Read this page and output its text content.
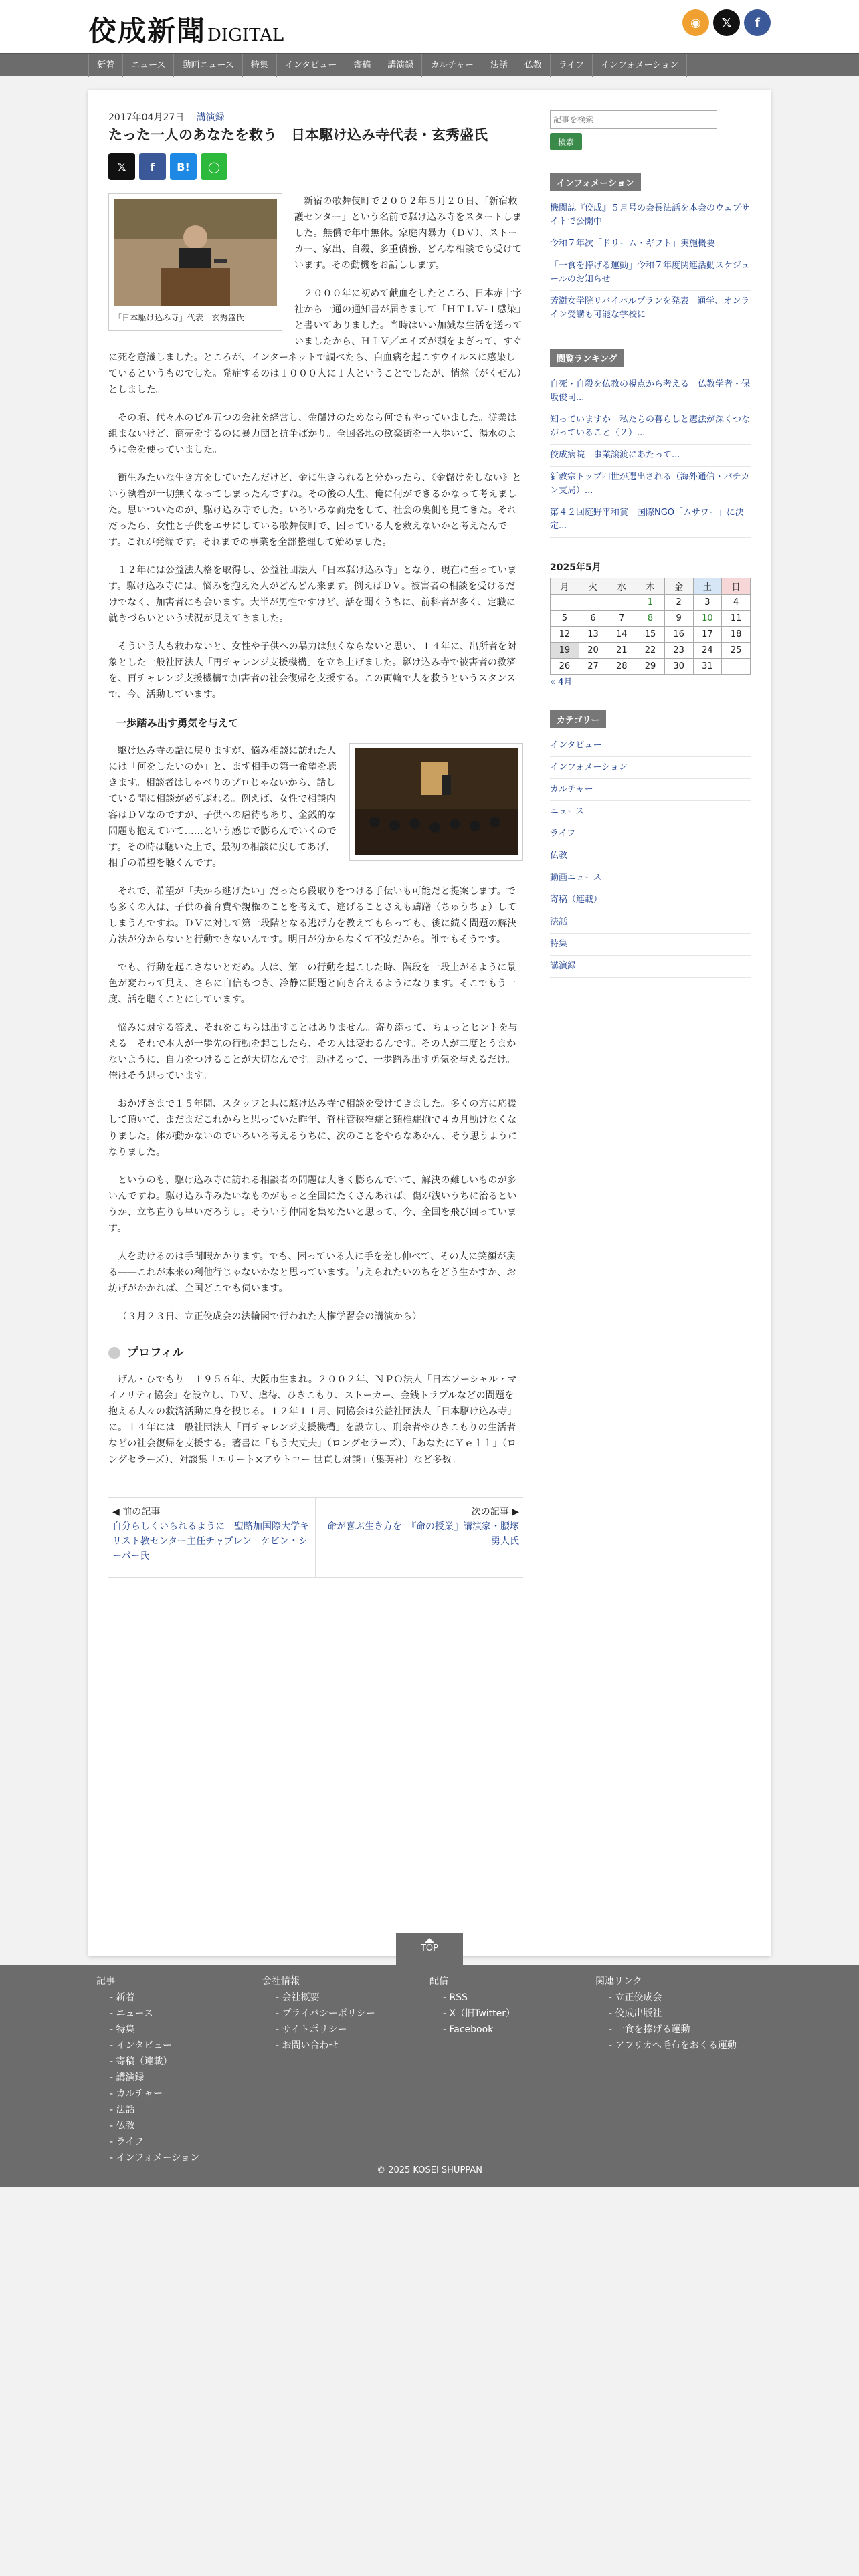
佼成新聞 DIGITAL
◉	𝕏	f
新着	ニュース	動画ニュース	特集	インタビュー	寄稿	講演録	カルチャー	法話	仏教	ライフ	インフォメーション
2017年04月27日 講演録
たった一人のあなたを救う　日本駆け込み寺代表・玄秀盛氏
𝕏	f	B!	◯
「日本駆け込み寺」代表　玄秀盛氏

新宿の歌舞伎町で２００２年５月２０日、「新宿救護センター」という名前で駆け込み寺をスタートしました。無償で年中無休。家庭内暴力（ＤＶ）、ストーカー、家出、自殺、多重債務、どんな相談でも受けています。その動機をお話しします。

２０００年に初めて献血をしたところ、日本赤十字社から一通の通知書が届きまして「ＨＴＬＶ-１感染」と書いてありました。当時はいい加減な生活を送っていましたから、ＨＩＶ／エイズが頭をよぎって、すぐに死を意識しました。ところが、インターネットで調べたら、白血病を起こすウイルスに感染しているというものでした。発症するのは１０００人に１人ということでしたが、悄然（がくぜん）としました。

その頃、代々木のビル五つの会社を経営し、金儲けのためなら何でもやっていました。従業は組まないけど、商売をするのに暴力団と抗争ばかり。全国各地の歓楽街を一人歩いて、湯水のように金を使っていました。

衝生みたいな生き方をしていたんだけど、金に生きられると分かったら、《金儲けをしない》という執着が一切無くなってしまったんですね。その後の人生、俺に何ができるかなって考えました。思いついたのが、駆け込み寺でした。いろいろな商売をして、社会の裏側も見てきた。それだったら、女性と子供をエサにしている歌舞伎町で、困っている人を救えないかと考えたんです。これが発端です。それまでの事業を全部整理して始めました。

１２年には公益法人格を取得し、公益社団法人「日本駆け込み寺」となり、現在に至っています。駆け込み寺には、悩みを抱えた人がどんどん来ます。例えばＤＶ。被害者の相談を受けるだけでなく、加害者にも会います。大半が男性ですけど、話を聞くうちに、前科者が多く、定職に就きづらいという状況が見えてきました。

そういう人も救わないと、女性や子供への暴力は無くならないと思い、１４年に、出所者を対象とした一般社団法人「再チャレンジ支援機構」を立ち上げました。駆け込み寺で被害者の救済を、再チャレンジ支援機構で加害者の社会復帰を支援する。この両輪で人を救うというスタンスで、今、活動しています。

一歩踏み出す勇気を与えて

駆け込み寺の話に戻りますが、悩み相談に訪れた人には「何をしたいのか」と、まず相手の第一希望を聴きます。相談者はしゃべりのプロじゃないから、話している間に相談が必ずぶれる。例えば、女性で相談内容はＤＶなのですが、子供への虐待もあり、金銭的な問題も抱えていて……という感じで膨らんでいくのです。その時は聴いた上で、最初の相談に戻してあげ、相手の希望を聴くんです。

それで、希望が「夫から逃げたい」だったら段取りをつける手伝いも可能だと提案します。でも多くの人は、子供の養育費や親権のことを考えて、逃げることさえも躊躇（ちゅうちょ）してしまうんですね。ＤＶに対して第一段階となる逃げ方を教えてもらっても、後に続く問題の解決方法が分からないと行動できないんです。明日が分からなくて不安だから。誰でもそうです。

でも、行動を起こさないとだめ。人は、第一の行動を起こした時、階段を一段上がるように景色が変わって見え、さらに自信もつき、冷静に問題と向き合えるようになります。そこでもう一度、話を聴くことにしています。

悩みに対する答え、それをこちらは出すことはありません。寄り添って、ちょっとヒントを与える。それで本人が一歩先の行動を起こしたら、その人は変わるんです。その人が二度とうまかないように、自力をつけることが大切なんです。助けるって、一歩踏み出す勇気を与えるだけ。俺はそう思っています。

おかげさまで１５年間、スタッフと共に駆け込み寺で相談を受けてきました。多くの方に応援して頂いて、まだまだこれからと思っていた昨年、脊柱管狭窄症と頸椎症揃で４カ月動けなくなりました。体が動かないのでいろいろ考えるうちに、次のことをやらなあかん、そう思うようになりました。

というのも、駆け込み寺に訪れる相談者の問題は大きく膨らんでいて、解決の難しいものが多いんですね。駆け込み寺みたいなものがもっと全国にたくさんあれば、傷が浅いうちに治るというか、立ち直りも早いだろうし。そういう仲間を集めたいと思って、今、全国を飛び回っています。

人を助けるのは手間暇かかります。でも、困っている人に手を差し伸べて、その人に笑顔が戻る――これが本来の利他行じゃないかなと思っています。与えられたいのちをどう生かすか、お坊げがかかれば、全国どこでも伺います。

（３月２３日、立正佼成会の法輪閣で行われた人権学習会の講演から）

プロフィル

げん・ひでもり　１９５６年、大阪市生まれ。２００２年、ＮＰＯ法人「日本ソーシャル・マイノリティ協会」を設立し、ＤＶ、虐待、ひきこもり、ストーカー、金銭トラブルなどの問題を抱える人々の救済活動に身を投じる。１２年１１月、同協会は公益社団法人「日本駆け込み寺」に。１４年には一般社団法人「再チャレンジ支援機構」を設立し、刑余者やひきこもりの生活者などの社会復帰を支援する。著書に「もう大丈夫」（ロングセラーズ）、「あなたにＹｅｌｌ」（ロングセラーズ）、対談集「エリート×アウトロー 世直し対談」（集英社）など多数。

◀ 前の記事
自分らしくいられるように　聖路加国際大学キリスト教センター主任チャプレン　ケビン・シーパー氏
次の記事 ▶
命が喜ぶ生き方を　『命の授業』講演家・腰塚勇人氏
記事を検索
検索
インフォメーション
機関誌『佼成』５月号の会長法話を本会のウェブサイトで公開中
令和７年次「ドリーム・ギフト」実施概要
「一食を捧げる運動」令和７年度関連活動スケジュールのお知らせ
芳澍女学院リバイバルプランを発表　通学、オンライン受講も可能な学校に
閲覧ランキング
自死・自殺を仏教の視点から考える　仏教学者・保坂俊司...
知っていますか　私たちの暮らしと憲法が深くつながっていること（２）...
佼成病院　事業譲渡にあたって...
新教宗トップ四世が選出される（海外通信・バチカン支局）...
第４２回庭野平和賞　国際NGO「ムサワー」に決定...
2025年5月
月	火	水	木	金	土	日
			1	2	3	4
5	6	7	8	9	10	11
12	13	14	15	16	17	18
19	20	21	22	23	24	25
26	27	28	29	30	31	
« 4月
カテゴリー
インタビュー
インフォメーション
カルチャー
ニュース
ライフ
仏教
動画ニュース
寄稿（連載）
法話
特集
講演録
TOP
記事
- 新着
- ニュース
- 特集
- インタビュー
- 寄稿（連載）
- 講演録
- カルチャー
- 法話
- 仏教
- ライフ
- インフォメーション
会社情報
- 会社概要
- プライバシーポリシー
- サイトポリシー
- お問い合わせ
配信
- RSS
- X（旧Twitter）
- Facebook
関連リンク
- 立正佼成会
- 佼成出版社
- 一食を捧げる運動
- アフリカへ毛布をおくる運動
© 2025 KOSEI SHUPPAN
